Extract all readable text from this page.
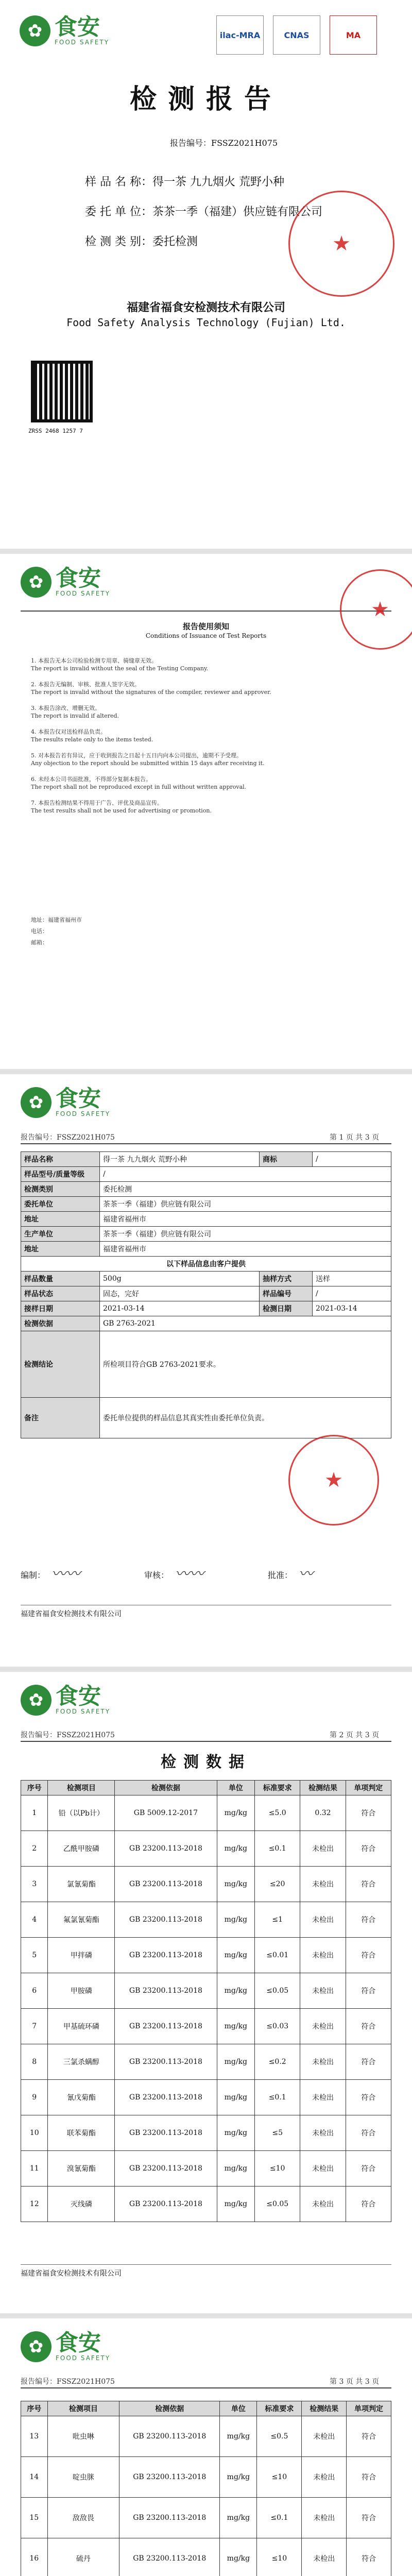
✿ 食安
FOOD SAFETY
ilac-MRA	CNAS	MA
检测报告
报告编号：FSSZ2021H075
样 品 名 称：得一茶 九九烟火 荒野小种
委 托 单 位：茶茶一季（福建）供应链有限公司
检 测 类 别：委托检测	★
福建省福食安检测技术有限公司
Food Safety Analysis Technology (Fujian) Ltd.
ZRSS 2468 1257 7
✿ 食安
FOOD SAFETY
报告使用须知
Conditions of Issuance of Test Reports
1. 本报告无本公司检验检测专用章、骑缝章无效。
The report is invalid without the seal of the Testing Company.
2. 本报告无编制、审核、批准人签字无效。
The report is invalid without the signatures of the compiler, reviewer and approver.
3. 本报告涂改、增删无效。
The report is invalid if altered.
4. 本报告仅对送检样品负责。
The results relate only to the items tested.
5. 对本报告若有异议，应于收到报告之日起十五日内向本公司提出，逾期不予受理。
Any objection to the report should be submitted within 15 days after receiving it.
6. 未经本公司书面批准，不得部分复制本报告。
The report shall not be reproduced except in full without written approval.
7. 本报告检测结果不得用于广告、评优及商品宣传。
The test results shall not be used for advertising or promotion.
地址：福建省福州市
电话：
邮箱：
★
✿ 食安
FOOD SAFETY
报告编号：FSSZ2021H075	第 1 页 共 3 页
样品名称	得一茶 九九烟火 荒野小种	商标	/
样品型号/质量等级	/		
检测类别	委托检测		
委托单位	茶茶一季（福建）供应链有限公司		
地址	福建省福州市		
生产单位	茶茶一季（福建）供应链有限公司		
地址	福建省福州市		
以下样品信息由客户提供			
样品数量	500g	抽样方式	送样
样品状态	固态，完好	样品编号	/
接样日期	2021-03-14	检测日期	2021-03-14
检测依据	GB 2763-2021		
检测结论	所检项目符合GB 2763-2021要求。		
备注	委托单位提供的样品信息其真实性由委托单位负责。		
★
编制： 〰〰	审核： 〰〰	批准： 〰
福建省福食安检测技术有限公司
✿ 食安
FOOD SAFETY
报告编号：FSSZ2021H075	第 2 页 共 3 页
检测数据
序号	检测项目	检测依据	单位	标准要求	检测结果	单项判定
1	铅（以Pb计）	GB 5009.12-2017	mg/kg	≤5.0	0.32	符合
2	乙酰甲胺磷	GB 23200.113-2018	mg/kg	≤0.1	未检出	符合
3	氯氰菊酯	GB 23200.113-2018	mg/kg	≤20	未检出	符合
4	氟氯氰菊酯	GB 23200.113-2018	mg/kg	≤1	未检出	符合
5	甲拌磷	GB 23200.113-2018	mg/kg	≤0.01	未检出	符合
6	甲胺磷	GB 23200.113-2018	mg/kg	≤0.05	未检出	符合
7	甲基硫环磷	GB 23200.113-2018	mg/kg	≤0.03	未检出	符合
8	三氯杀螨醇	GB 23200.113-2018	mg/kg	≤0.2	未检出	符合
9	氰戊菊酯	GB 23200.113-2018	mg/kg	≤0.1	未检出	符合
10	联苯菊酯	GB 23200.113-2018	mg/kg	≤5	未检出	符合
11	溴氰菊酯	GB 23200.113-2018	mg/kg	≤10	未检出	符合
12	灭线磷	GB 23200.113-2018	mg/kg	≤0.05	未检出	符合
福建省福食安检测技术有限公司
✿ 食安
FOOD SAFETY
报告编号：FSSZ2021H075	第 3 页 共 3 页
序号	检测项目	检测依据	单位	标准要求	检测结果	单项判定
13	吡虫啉	GB 23200.113-2018	mg/kg	≤0.5	未检出	符合
14	啶虫脒	GB 23200.113-2018	mg/kg	≤10	未检出	符合
15	敌敌畏	GB 23200.113-2018	mg/kg	≤0.1	未检出	符合
16	硫丹	GB 23200.113-2018	mg/kg	≤10	未检出	符合
